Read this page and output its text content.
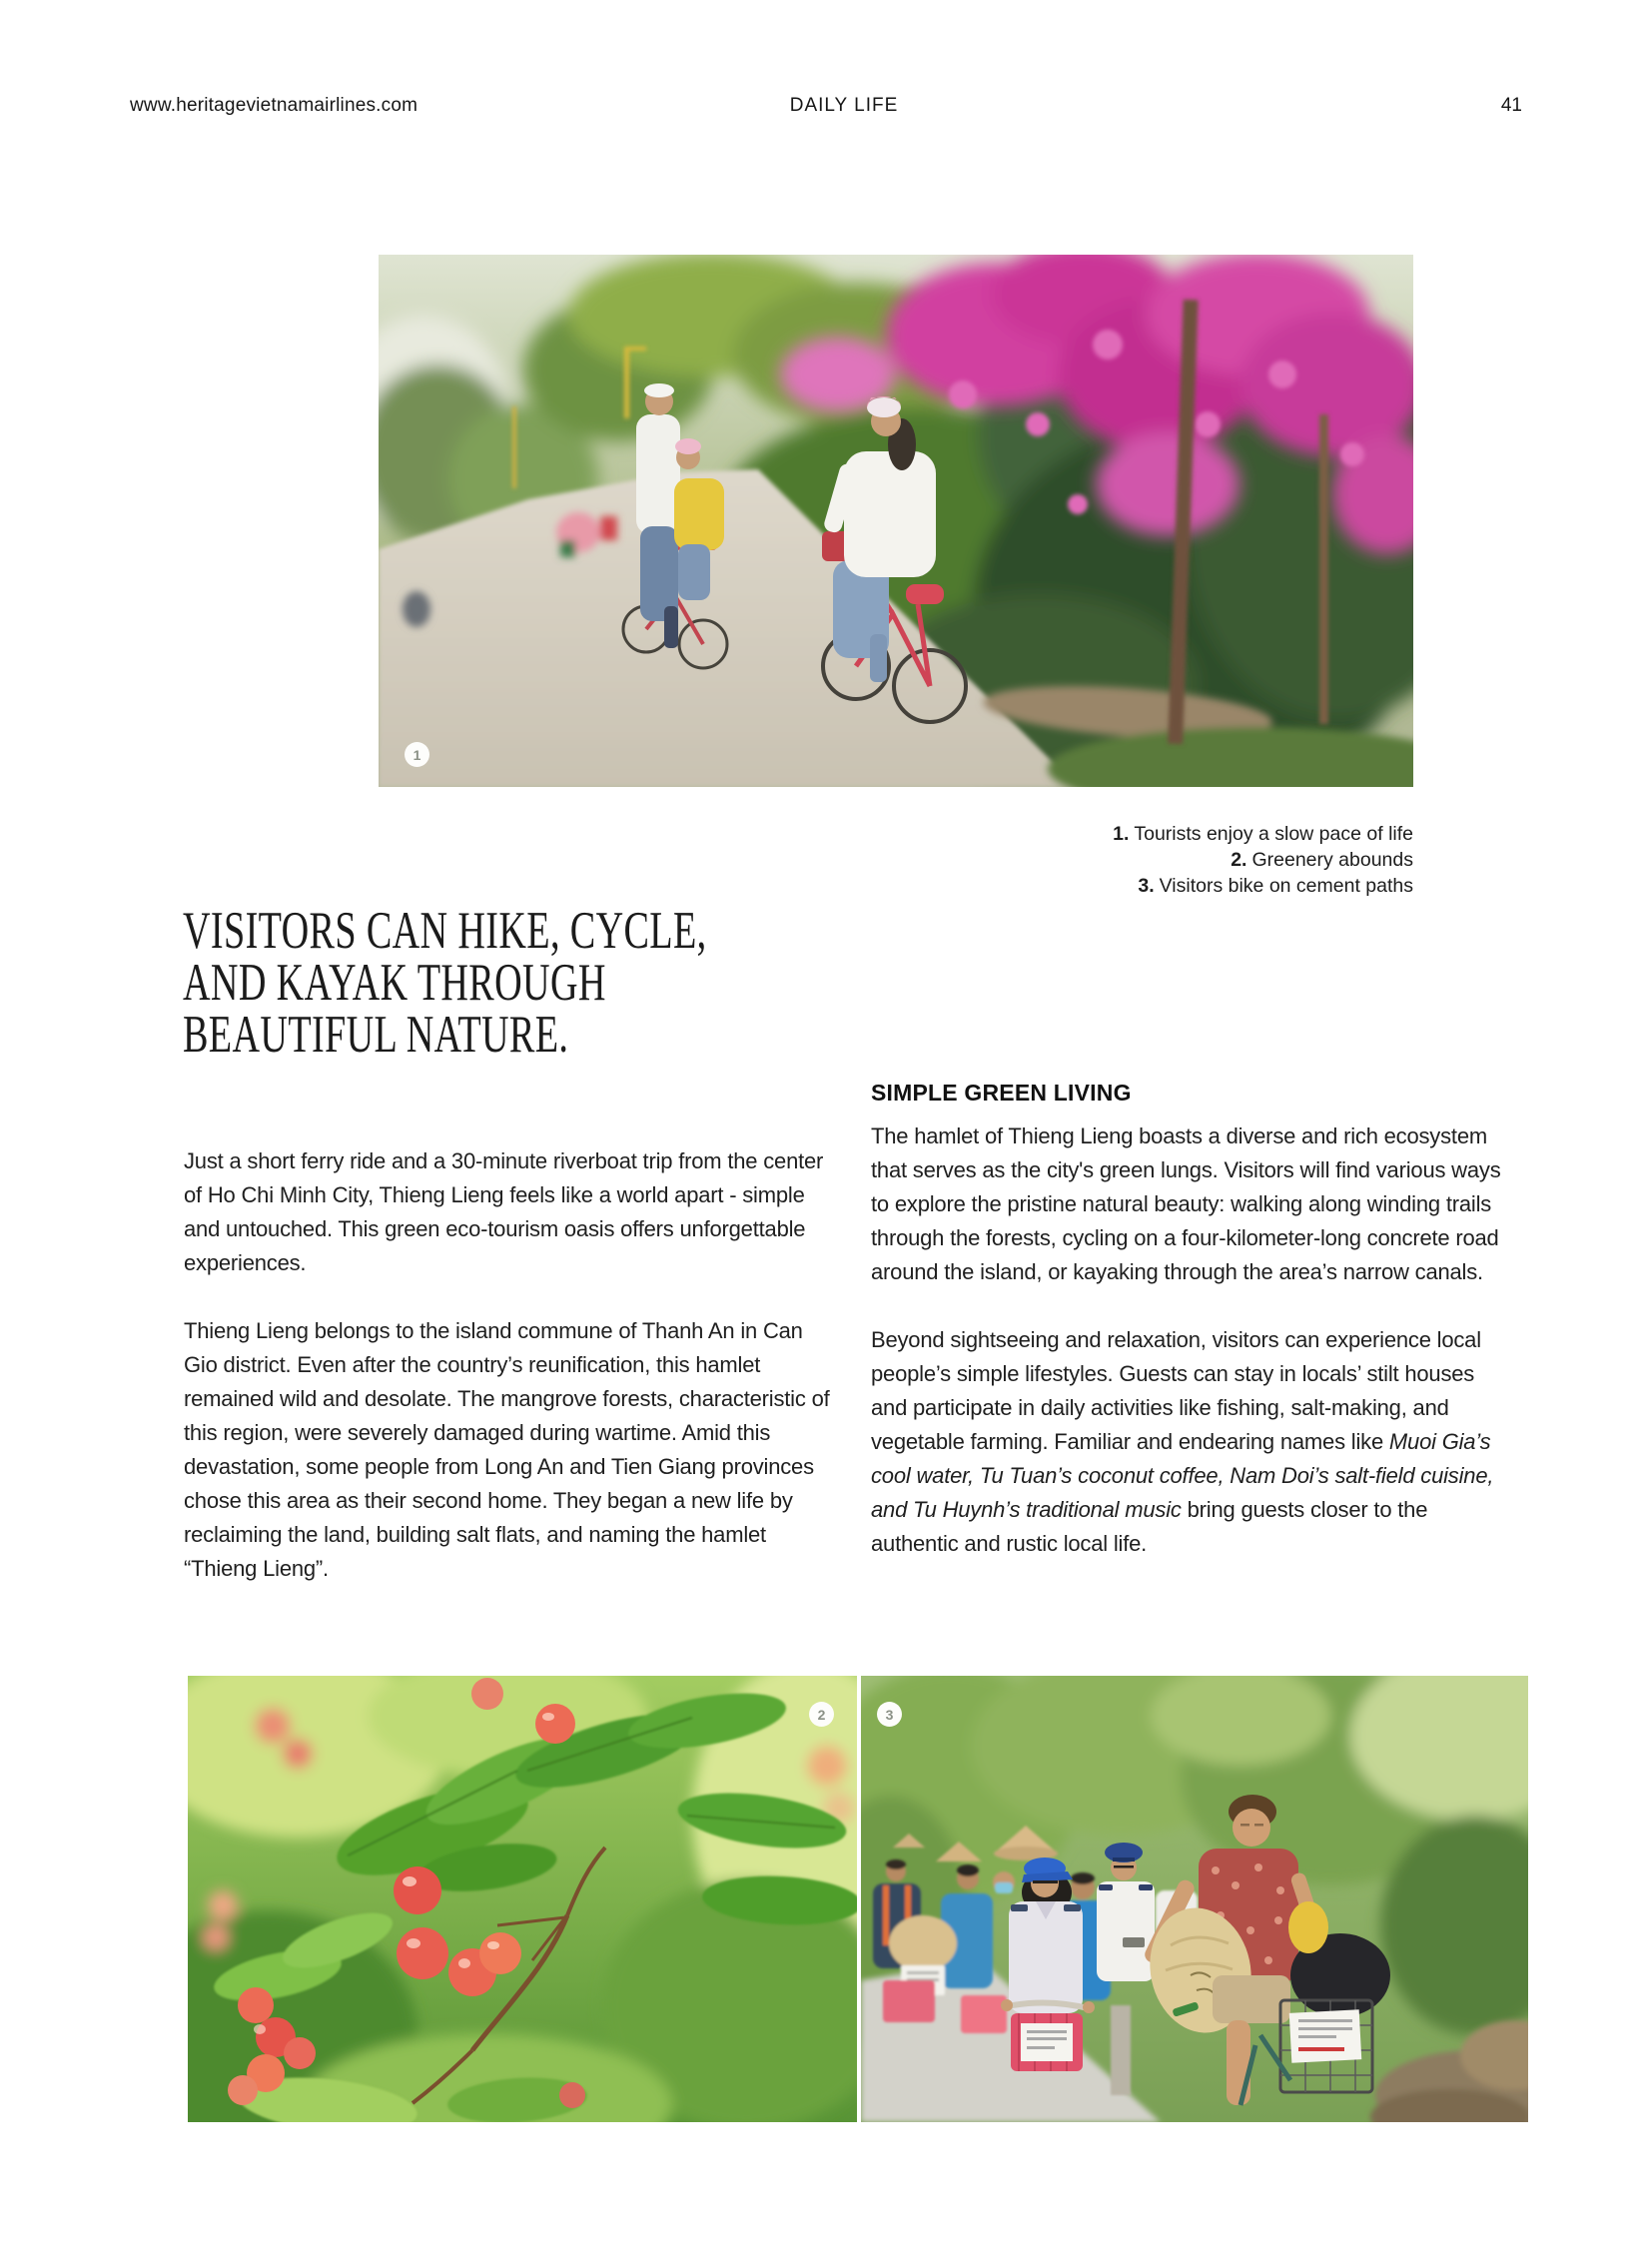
www.heritagevietnamairlines.com	DAILY LIFE	41
1
1. Tourists enjoy a slow pace of life
2. Greenery abounds
3. Visitors bike on cement paths
VISITORS CAN HIKE, CYCLE,
AND KAYAK THROUGH
BEAUTIFUL NATURE.

Just a short ferry ride and a 30-minute riverboat trip from the center of Ho Chi Minh City, Thieng Lieng feels like a world apart - simple and untouched. This green eco-tourism oasis offers unforgettable experiences.

Thieng Lieng belongs to the island commune of Thanh An in Can Gio district. Even after the country’s reunification, this hamlet remained wild and desolate. The mangrove forests, characteristic of this region, were severely damaged during wartime. Amid this devastation, some people from Long An and Tien Giang provinces chose this area as their second home. They began a new life by reclaiming the land, building salt flats, and naming the hamlet “Thieng Lieng”.

SIMPLE GREEN LIVING

The hamlet of Thieng Lieng boasts a diverse and rich ecosystem that serves as the city's green lungs. Visitors will find various ways to explore the pristine natural beauty: walking along winding trails through the forests, cycling on a four-kilometer-long concrete road around the island, or kayaking through the area’s narrow canals.

Beyond sightseeing and relaxation, visitors can experience local people’s simple lifestyles. Guests can stay in locals’ stilt houses and participate in daily activities like fishing, salt-making, and vegetable farming. Familiar and endearing names like Muoi Gia’s cool water, Tu Tuan’s coconut coffee, Nam Doi’s salt-field cuisine, and Tu Huynh’s traditional music bring guests closer to the authentic and rustic local life.

2	3
